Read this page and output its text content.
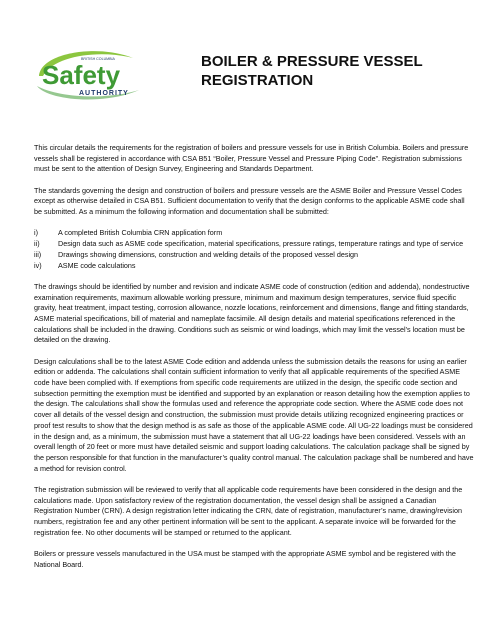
BRITISH COLUMBIA
Safety
AUTHORITY
BOILER & PRESSURE VESSEL
REGISTRATION

This circular details the requirements for the registration of boilers and pressure vessels for use in British Columbia. Boilers and pressure vessels shall be registered in accordance with CSA B51 “Boiler, Pressure Vessel and Pressure Piping Code”. Registration submissions must be sent to the attention of Design Survey, Engineering and Standards Department.

The standards governing the design and construction of boilers and pressure vessels are the ASME Boiler and Pressure Vessel Codes except as otherwise detailed in CSA B51. Sufficient documentation to verify that the design conforms to the applicable ASME code shall be submitted. As a minimum the following information and documentation shall be submitted:

i)	A completed British Columbia CRN application form
ii)	Design data such as ASME code specification, material specifications, pressure ratings, temperature ratings and type of service
iii)	Drawings showing dimensions, construction and welding details of the proposed vessel design
iv)	ASME code calculations

The drawings should be identified by number and revision and indicate ASME code of construction (edition and addenda), nondestructive examination requirements, maximum allowable working pressure, minimum and maximum design temperatures, service fluid specific gravity, heat treatment, impact testing, corrosion allowance, nozzle locations, reinforcement and dimensions, flange and fitting standards, ASME material specifications, bill of material and nameplate facsimile. All design details and material specifications referenced in the calculations shall be included in the drawing. Conditions such as seismic or wind loadings, which may limit the vessel’s location must be detailed on the drawing.

Design calculations shall be to the latest ASME Code edition and addenda unless the submission details the reasons for using an earlier edition or addenda. The calculations shall contain sufficient information to verify that all applicable requirements of the specified ASME code have been complied with. If exemptions from specific code requirements are utilized in the design, the specific code section and subsection permitting the exemption must be identified and supported by an explanation or reason detailing how the exemption applies to the design. The calculations shall show the formulas used and reference the appropriate code section. Where the ASME code does not cover all details of the vessel design and construction, the submission must provide details utilizing recognized engineering practices or proof test results to show that the design method is as safe as those of the applicable ASME code. All UG-22 loadings must be considered in the design and, as a minimum, the submission must have a statement that all UG-22 loadings have been considered. Vessels with an overall length of 20 feet or more must have detailed seismic and support loading calculations. The calculation package shall be signed by the person responsible for that function in the manufacturer’s quality control manual. The calculation package shall be numbered and have a method for revision control.

The registration submission will be reviewed to verify that all applicable code requirements have been considered in the design and the calculations made. Upon satisfactory review of the registration documentation, the vessel design shall be assigned a Canadian Registration Number (CRN). A design registration letter indicating the CRN, date of registration, manufacturer’s name, drawing/revision numbers, registration fee and any other pertinent information will be sent to the applicant. A separate invoice will be forwarded for the registration fee. No other documents will be stamped or returned to the applicant.

Boilers or pressure vessels manufactured in the USA must be stamped with the appropriate ASME symbol and be registered with the National Board.
